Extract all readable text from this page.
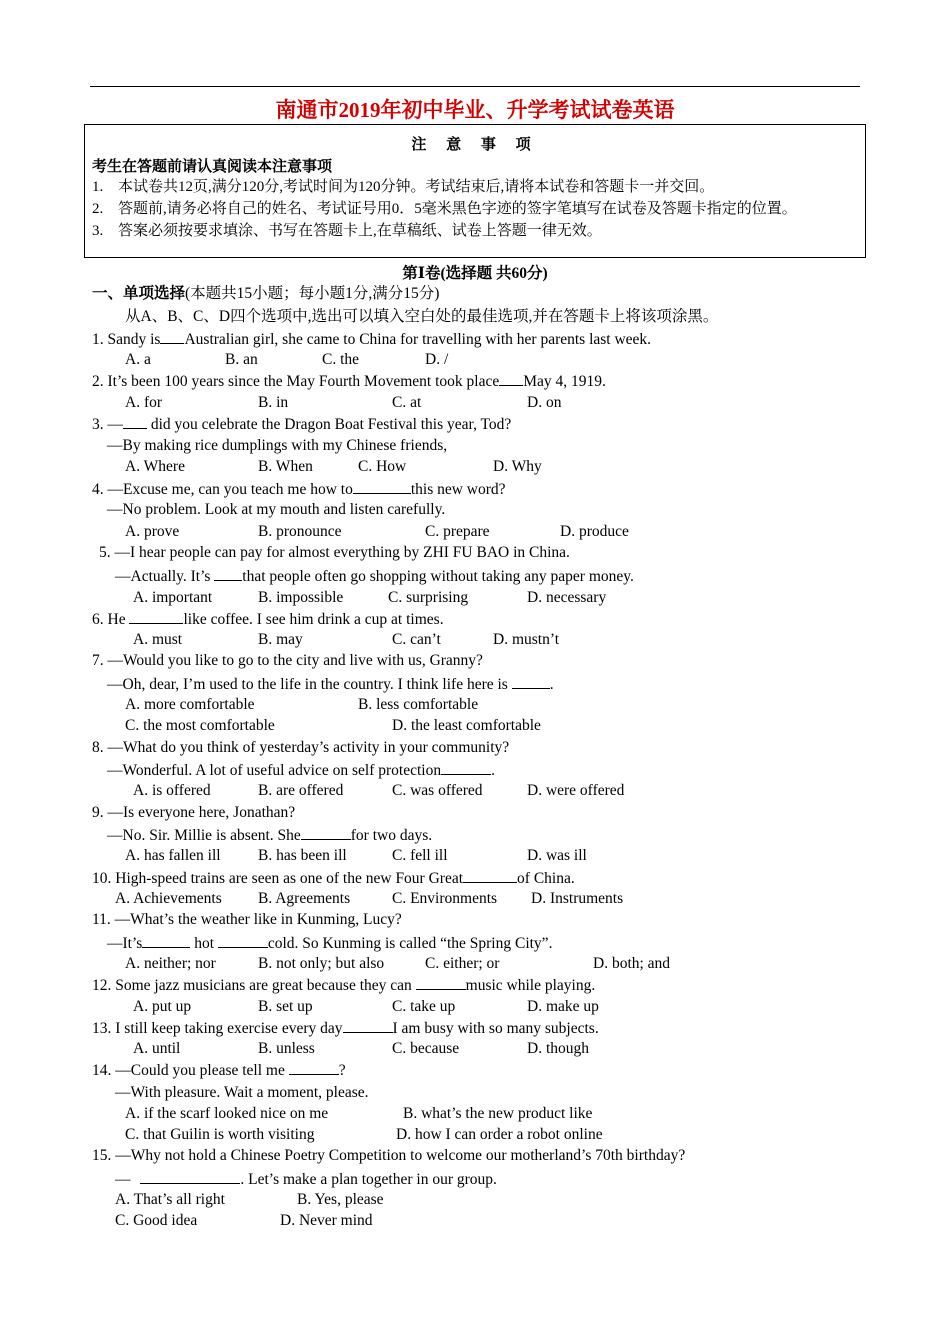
南通市2019年初中毕业、升学考试试卷英语
注 意 事 项
考生在答题前请认真阅读本注意事项
1. 本试卷共12页,满分120分,考试时间为120分钟。考试结束后,请将本试卷和答题卡一并交回。
2. 答题前,请务必将自己的姓名、考试证号用0．5毫米黑色字迹的签字笔填写在试卷及答题卡指定的位置。
3. 答案必须按要求填涂、书写在答题卡上,在草稿纸、试卷上答题一律无效。
第Ⅰ卷(选择题 共60分)
一、单项选择(本题共15小题；每小题1分,满分15分)
从A、B、C、D四个选项中,选出可以填入空白处的最佳选项,并在答题卡上将该项涂黑。
1. Sandy is Australian girl, she came to China for travelling with her parents last week.
A. a	B. an	C. the	D. /
2. It’s been 100 years since the May Fourth Movement took place May 4, 1919.
A. for	B. in	C. at	D. on
3. — did you celebrate the Dragon Boat Festival this year, Tod?
—By making rice dumplings with my Chinese friends,
A. Where	B. When	C. How	D. Why
4. —Excuse me, can you teach me how to	this new word?
—No problem. Look at my mouth and listen carefully.
A. prove	B. pronounce	C. prepare	D. produce
5. —I hear people can pay for almost everything by ZHI FU BAO in China.
—Actually. It’s that people often go shopping without taking any paper money.
A. important	B. impossible	C. surprising	D. necessary
6. He	like coffee. I see him drink a cup at times.
A. must	B. may	C. can’t	D. mustn’t
7. —Would you like to go to the city and live with us, Granny?
—Oh, dear, I’m used to the life in the country. I think life here is .
A. more comfortable	B. less comfortable
C. the most comfortable	D. the least comfortable
8. —What do you think of yesterday’s activity in your community?
—Wonderful. A lot of useful advice on self protection	.
A. is offered	B. are offered	C. was offered	D. were offered
9. —Is everyone here, Jonathan?
—No. Sir. Millie is absent. She	for two days.
A. has fallen ill B. has been ill	C. fell ill	D. was ill
10. High-speed trains are seen as one of the new Four Great	of China.
A. Achievements B. Agreements	C. Environments D. Instruments
11. —What’s the weather like in Kunming, Lucy?
—It’s	hot	cold. So Kunming is called “the Spring City”.
A. neither; nor	B. not only; but also	C. either; or	D. both; and
12. Some jazz musicians are great because they can	music while playing.
A. put up	B. set up	C. take up	D. make up
13. I still keep taking exercise every day	I am busy with so many subjects.
A. until	B. unless	C. because	D. though
14. —Could you please tell me	?
—With pleasure. Wait a moment, please.
A. if the scarf looked nice on me	B. what’s the new product like
C. that Guilin is worth visiting	D. how I can order a robot online
15. —Why not hold a Chinese Poetry Competition to welcome our motherland’s 70th birthday?
—	. Let’s make a plan together in our group.
A. That’s all right	B. Yes, please
C. Good idea	D. Never mind
